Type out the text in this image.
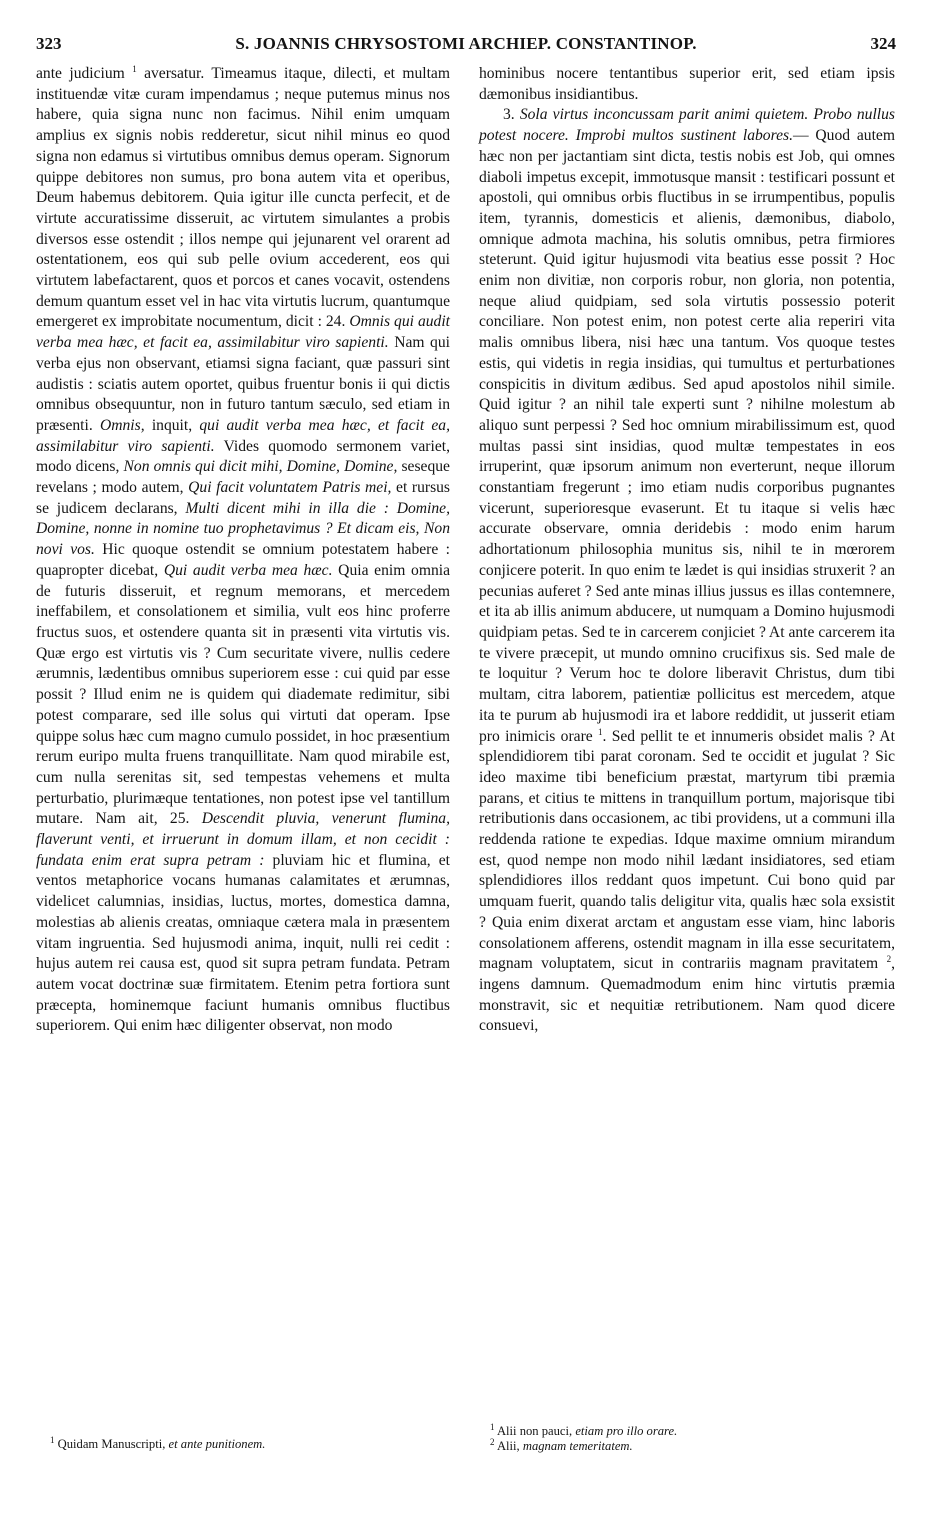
323	S. JOANNIS CHRYSOSTOMI ARCHIEP. CONSTANTINOP.	324

ante judicium $^1$ aversatur. Timeamus itaque, dilecti, et multam instituendæ vitæ curam impendamus ; neque putemus minus nos habere, quia signa nunc non facimus. Nihil enim umquam amplius ex signis nobis redderetur, sicut nihil minus eo quod signa non edamus si virtutibus omnibus demus operam. Signorum quippe debitores non sumus, pro bona autem vita et operibus, Deum habemus debitorem. Quia igitur ille cuncta perfecit, et de virtute accuratissime disseruit, ac virtutem simulantes a probis diversos esse ostendit ; illos nempe qui jejunarent vel orarent ad ostentationem, eos qui sub pelle ovium accederent, eos qui virtutem labefactarent, quos et porcos et canes vocavit, ostendens demum quantum esset vel in hac vita virtutis lucrum, quantumque emergeret ex improbitate nocumentum, dicit : 24. Omnis qui audit verba mea hæc, et facit ea, assimilabitur viro sapienti. Nam qui verba ejus non observant, etiamsi signa faciant, quæ passuri sint audistis : sciatis autem oportet, quibus fruentur bonis ii qui dictis omnibus obsequuntur, non in futuro tantum sæculo, sed etiam in præsenti. Omnis, inquit, qui audit verba mea hæc, et facit ea, assimilabitur viro sapienti. Vides quomodo sermonem variet, modo dicens, Non omnis qui dicit mihi, Domine, Domine, seseque revelans ; modo autem, Qui facit voluntatem Patris mei, et rursus se judicem declarans, Multi dicent mihi in illa die : Domine, Domine, nonne in nomine tuo prophetavimus ? Et dicam eis, Non novi vos. Hic quoque ostendit se omnium potestatem habere : quapropter dicebat, Qui audit verba mea hæc. Quia enim omnia de futuris disseruit, et regnum memorans, et mercedem ineffabilem, et consolationem et similia, vult eos hinc proferre fructus suos, et ostendere quanta sit in præsenti vita virtutis vis. Quæ ergo est virtutis vis ? Cum securitate vivere, nullis cedere ærumnis, lædentibus omnibus superiorem esse : cui quid par esse possit ? Illud enim ne is quidem qui diademate redimitur, sibi potest comparare, sed ille solus qui virtuti dat operam. Ipse quippe solus hæc cum magno cumulo possidet, in hoc præsentium rerum euripo multa fruens tranquillitate. Nam quod mirabile est, cum nulla serenitas sit, sed tempestas vehemens et multa perturbatio, plurimæque tentationes, non potest ipse vel tantillum mutare. Nam ait, 25. Descendit pluvia, venerunt flumina, flaverunt venti, et irruerunt in domum illam, et non cecidit : fundata enim erat supra petram : pluviam hic et flumina, et ventos metaphorice vocans humanas calamitates et ærumnas, videlicet calumnias, insidias, luctus, mortes, domestica damna, molestias ab alienis creatas, omniaque cætera mala in præsentem vitam ingruentia. Sed hujusmodi anima, inquit, nulli rei cedit : hujus autem rei causa est, quod sit supra petram fundata. Petram autem vocat doctrinæ suæ firmitatem. Etenim petra fortiora sunt præcepta, hominemque faciunt humanis omnibus fluctibus superiorem. Qui enim hæc diligenter observat, non modo

hominibus nocere tentantibus superior erit, sed etiam ipsis dæmonibus insidiantibus.

3. Sola virtus inconcussam parit animi quietem. Probo nullus potest nocere. Improbi multos sustinent labores.— Quod autem hæc non per jactantiam sint dicta, testis nobis est Job, qui omnes diaboli impetus excepit, immotusque mansit : testificari possunt et apostoli, qui omnibus orbis fluctibus in se irrumpentibus, populis item, tyrannis, domesticis et alienis, dæmonibus, diabolo, omnique admota machina, his solutis omnibus, petra firmiores steterunt. Quid igitur hujusmodi vita beatius esse possit ? Hoc enim non divitiæ, non corporis robur, non gloria, non potentia, neque aliud quidpiam, sed sola virtutis possessio poterit conciliare. Non potest enim, non potest certe alia reperiri vita malis omnibus libera, nisi hæc una tantum. Vos quoque testes estis, qui videtis in regia insidias, qui tumultus et perturbationes conspicitis in divitum ædibus. Sed apud apostolos nihil simile. Quid igitur ? an nihil tale experti sunt ? nihilne molestum ab aliquo sunt perpessi ? Sed hoc omnium mirabilissimum est, quod multas passi sint insidias, quod multæ tempestates in eos irruperint, quæ ipsorum animum non everterunt, neque illorum constantiam fregerunt ; imo etiam nudis corporibus pugnantes vicerunt, superioresque evaserunt. Et tu itaque si velis hæc accurate observare, omnia deridebis : modo enim harum adhortationum philosophia munitus sis, nihil te in mœrorem conjicere poterit. In quo enim te lædet is qui insidias struxerit ? an pecunias auferet ? Sed ante minas illius jussus es illas contemnere, et ita ab illis animum abducere, ut numquam a Domino hujusmodi quidpiam petas. Sed te in carcerem conjiciet ? At ante carcerem ita te vivere præcepit, ut mundo omnino crucifixus sis. Sed male de te loquitur ? Verum hoc te dolore liberavit Christus, dum tibi multam, citra laborem, patientiæ pollicitus est mercedem, atque ita te purum ab hujusmodi ira et labore reddidit, ut jusserit etiam pro inimicis orare $^1$. Sed pellit te et innumeris obsidet malis ? At splendidiorem tibi parat coronam. Sed te occidit et jugulat ? Sic ideo maxime tibi beneficium præstat, martyrum tibi præmia parans, et citius te mittens in tranquillum portum, majorisque tibi retributionis dans occasionem, ac tibi providens, ut a communi illa reddenda ratione te expedias. Idque maxime omnium mirandum est, quod nempe non modo nihil lædant insidiatores, sed etiam splendidiores illos reddant quos impetunt. Cui bono quid par umquam fuerit, quando talis deligitur vita, qualis hæc sola exsistit ? Quia enim dixerat arctam et angustam esse viam, hinc laboris consolationem afferens, ostendit magnam in illa esse securitatem, magnam voluptatem, sicut in contrariis magnam pravitatem $^2$, ingens damnum. Quemadmodum enim hinc virtutis præmia monstravit, sic et nequitiæ retributionem. Nam quod dicere consuevi,

$^1$ Quidam Manuscripti, et ante punitionem.
$^1$ Alii non pauci, etiam pro illo orare.
$^2$ Alii, magnam temeritatem.
